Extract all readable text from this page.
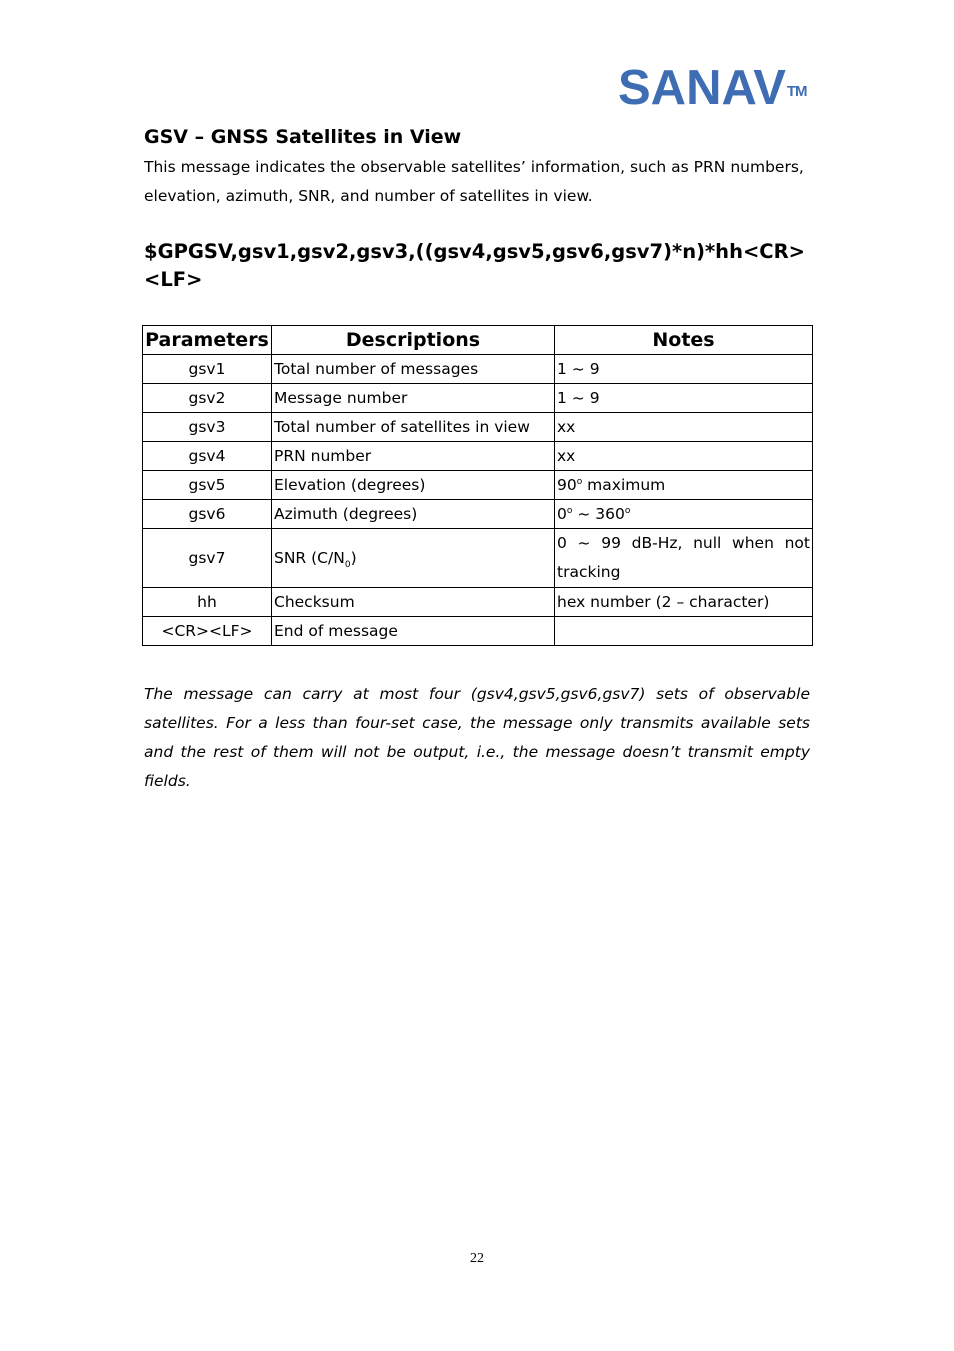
SANAV™
GSV – GNSS Satellites in View
This message indicates the observable satellites’ information, such as PRN numbers, elevation, azimuth, SNR, and number of satellites in view.
$GPGSV,gsv1,gsv2,gsv3,((gsv4,gsv5,gsv6,gsv7)*n)*hh<CR><LF>
Parameters	Descriptions	Notes
gsv1	Total number of messages	1 ~ 9
gsv2	Message number	1 ~ 9
gsv3	Total number of satellites in view	xx
gsv4	PRN number	xx
gsv5	Elevation (degrees)	90$^o$ maximum
gsv6	Azimuth (degrees)	0$^o$ ~ 360$^o$
gsv7	SNR $(C/N_0)$	0 ~ 99 dB-Hz, null when not
tracking

hh	Checksum	hex number (2 – character)
<CR><LF>	End of message	
The message can carry at most four (gsv4,gsv5,gsv6,gsv7) sets of observable satellites. For a less than four-set case, the message only transmits available sets and the rest of them will not be output, i.e., the message doesn’t transmit empty fields.
22
